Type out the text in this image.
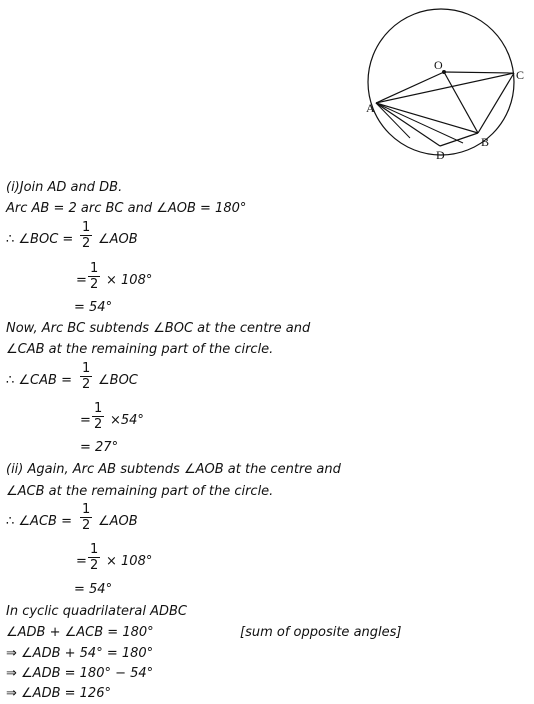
O
C
A
B
D
(i)Join AD and DB.
Arc AB = 2 arc BC and ∠AOB = 180°
∴ ∠BOC =
1
2 ∠AOB
=
1
2 × 108°
= 54°
Now, Arc BC subtends ∠BOC at the centre and
∠CAB at the remaining part of the circle.
∴ ∠CAB =
1
2 ∠BOC
=
1
2 ×54°
= 27°
(ii) Again, Arc AB subtends ∠AOB at the centre and
∠ACB at the remaining part of the circle.
∴ ∠ACB =
1
2 ∠AOB
=
1
2 × 108°
= 54°
In cyclic quadrilateral ADBC
∠ADB + ∠ACB = 180°	[sum of opposite angles]
⇒ ∠ADB + 54° = 180°
⇒ ∠ADB = 180° − 54°
⇒ ∠ADB = 126°
